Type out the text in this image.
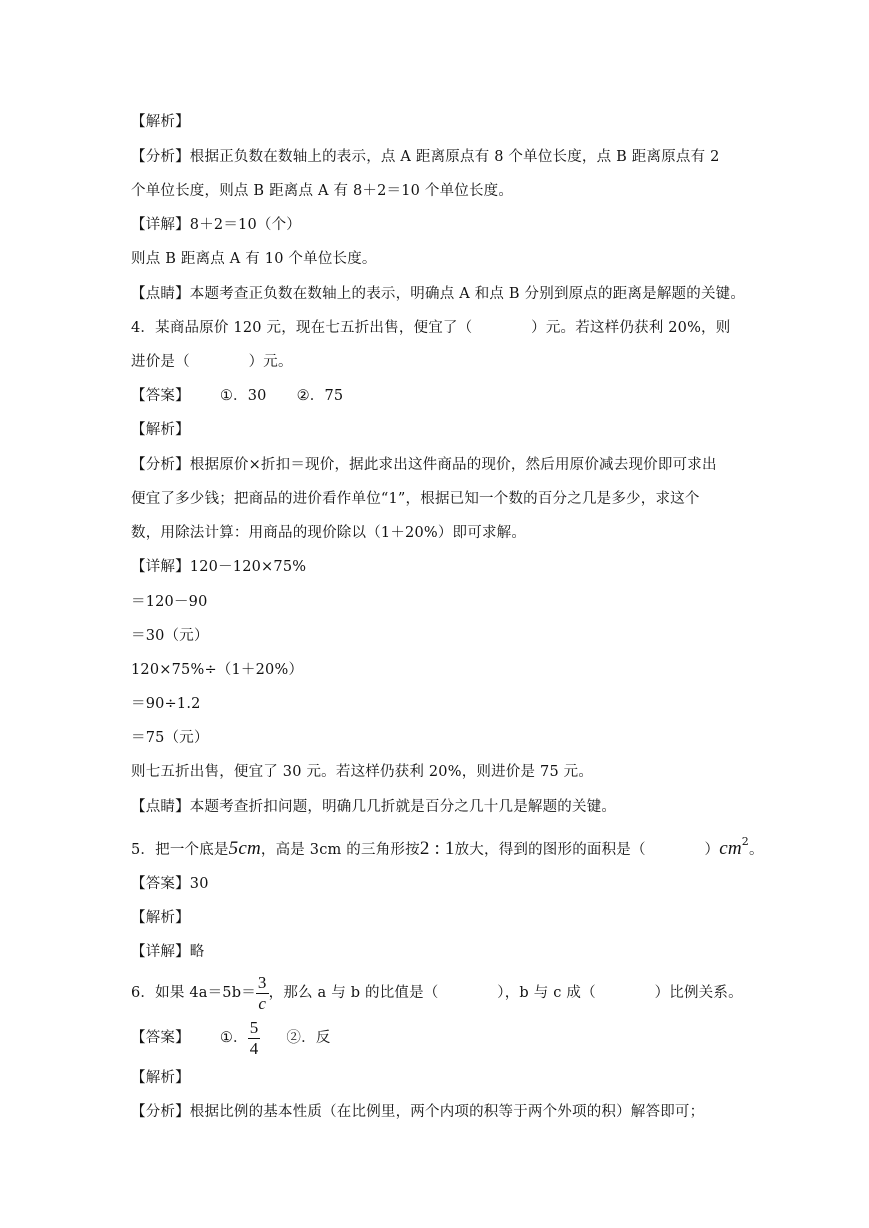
【解析】
【分析】根据正负数在数轴上的表示，点 A 距离原点有 8 个单位长度，点 B 距离原点有 2
个单位长度，则点 B 距离点 A 有 8＋2＝10 个单位长度。
【详解】8＋2＝10（个）
则点 B 距离点 A 有 10 个单位长度。
【点睛】本题考查正负数在数轴上的表示，明确点 A 和点 B 分别到原点的距离是解题的关键。
4．某商品原价 120 元，现在七五折出售，便宜了（　　　　）元。若这样仍获利 20%，则
进价是（　　　　）元。
【答案】 ①．30 ②．75
【解析】
【分析】根据原价×折扣＝现价，据此求出这件商品的现价，然后用原价减去现价即可求出
便宜了多少钱；把商品的进价看作单位“1”，根据已知一个数的百分之几是多少，求这个
数，用除法计算：用商品的现价除以（1＋20%）即可求解。
【详解】120－120×75%
＝120－90
＝30（元）
120×75%÷（1＋20%）
＝90÷1.2
＝75（元）
则七五折出售，便宜了 30 元。若这样仍获利 20%，则进价是 75 元。
【点睛】本题考查折扣问题，明确几几折就是百分之几十几是解题的关键。
5．把一个底是5cm，高是 3cm 的三角形按2 : 1放大，得到的图形的面积是（　　　　）$cm^2$。
【答案】30
【解析】
【详解】略
6．如果 $4a=5b= \frac{3}{c}$ ，那么 a 与 b 的比值是（　　　　），b 与 c 成（　　　　）比例关系。
【答案】 ①． $\frac{5}{4}$ ②．反
【解析】
【分析】根据比例的基本性质（在比例里，两个内项的积等于两个外项的积）解答即可；
